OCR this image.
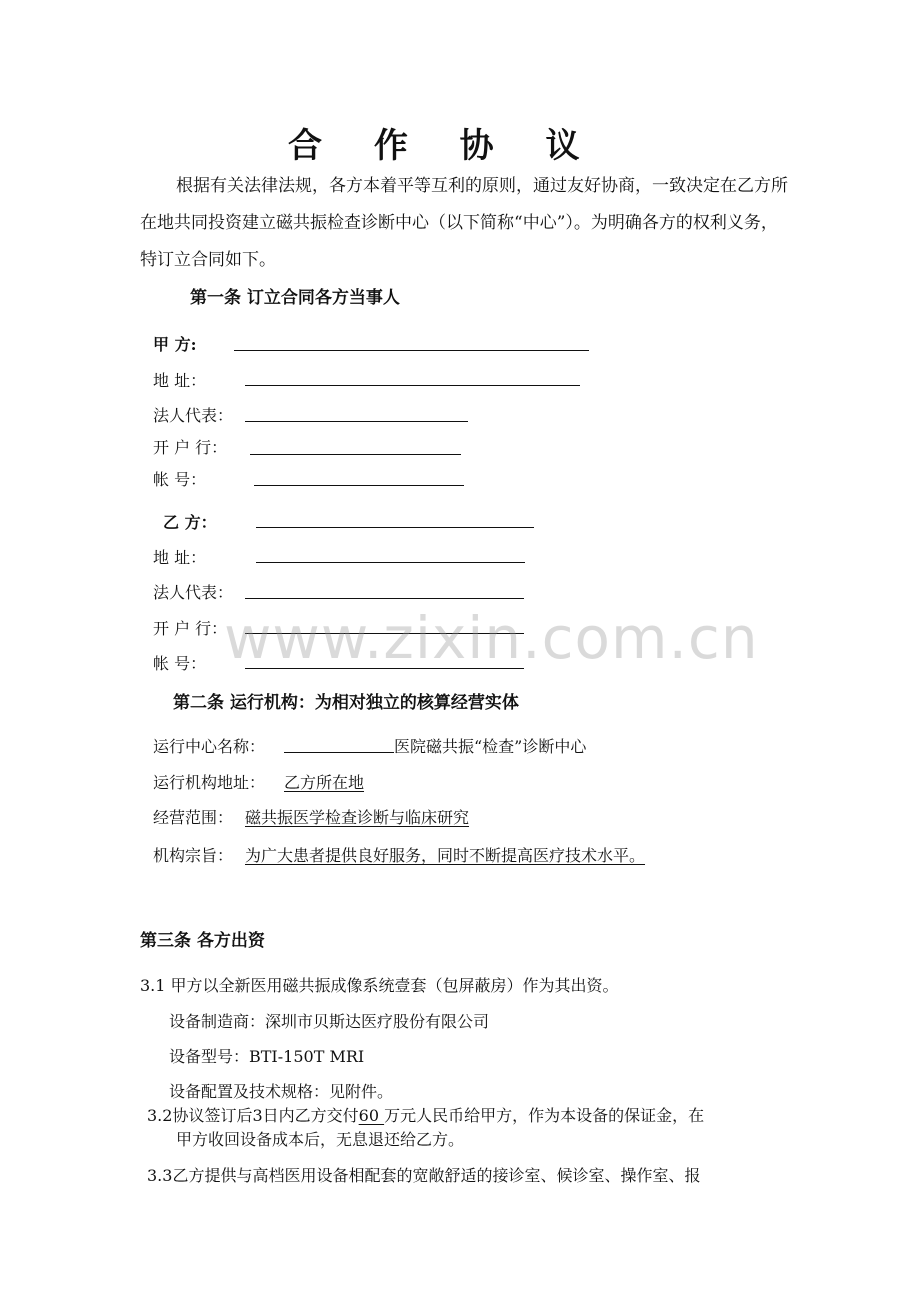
合 作 协 议
根据有关法律法规，各方本着平等互利的原则，通过友好协商，一致决定在乙方所在地共同投资建立磁共振检查诊断中心（以下简称“中心”）。为明确各方的权利义务，特订立合同如下。
第一条 订立合同各方当事人
甲 方:
地 址：
法人代表：
开 户 行：
帐 号：
乙 方：
地 址：
法人代表：
开 户 行：
帐 号： www.zixin.com.cn
第二条 运行机构：为相对独立的核算经营实体
运行中心名称：	医院磁共振“检查”诊断中心
运行机构地址： 乙方所在地
经营范围： 磁共振医学检查诊断与临床研究
机构宗旨： 为广大患者提供良好服务，同时不断提高医疗技术水平。
第三条 各方出资
3.1 甲方以全新医用磁共振成像系统壹套（包屏蔽房）作为其出资。
设备制造商：深圳市贝斯达医疗股份有限公司
设备型号：BTI-150T MRI
设备配置及技术规格：见附件。
3.2协议签订后3日内乙方交付60 万元人民币给甲方，作为本设备的保证金，在
甲方收回设备成本后，无息退还给乙方。
3.3乙方提供与高档医用设备相配套的宽敞舒适的接诊室、候诊室、操作室、报
